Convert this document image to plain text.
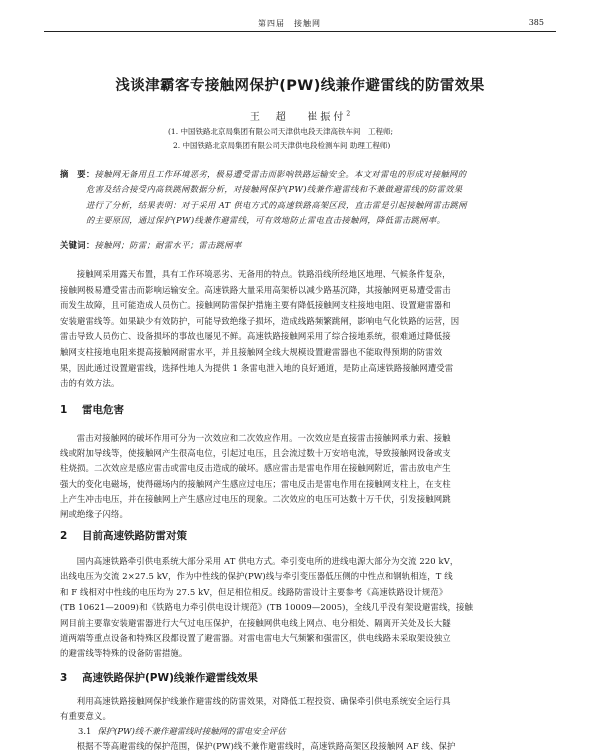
第四届　接触网	385
浅谈津霸客专接触网保护(PW)线兼作避雷线的防雷效果
王　超 崔振付$^2$
(1. 中国铁路北京局集团有限公司天津供电段天津高铁车间　工程师;
2. 中国铁路北京局集团有限公司天津供电段检测车间 助理工程师)
摘　要：接触网无备用且工作环境恶劣，极易遭受雷击而影响铁路运输安全。本文对雷电的形成对接触网的
危害及结合接受内高铁跳闸数据分析，对接触网保护(PW)线兼作避雷线和不兼做避雷线的防雷效果
进行了分析，结果表明：对于采用 AT 供电方式的高速铁路高架区段，直击雷是引起接触网雷击跳闸
的主要原因，通过保护(PW)线兼作避雷线，可有效地防止雷电直击接触网，降低雷击跳闸率。
关键词：接触网；防雷；耐雷水平；雷击跳闸率

接触网采用露天布置，具有工作环境恶劣、无备用的特点。铁路沿线所经地区地理、气候条件复杂，
接触网极易遭受雷击而影响运输安全。高速铁路大量采用高架桥以减少路基沉降，其接触网更易遭受雷击
而发生故障，且可能造成人员伤亡。接触网防雷保护措施主要有降低接触网支柱接地电阻、设置避雷器和
安装避雷线等。如果缺少有效防护，可能导致绝缘子损坏，造成线路频繁跳闸，影响电气化铁路的运营，因
雷击导致人员伤亡、设备损坏的事故也屡见不鲜。高速铁路接触网采用了综合接地系统，很难通过降低接
触网支柱接地电阻来提高接触网耐雷水平，并且接触网全线大规模设置避雷器也不能取得预期的防雷效
果，因此通过设置避雷线，选择性地人为提供 1 条雷电泄入地的良好通道，是防止高速铁路接触网遭受雷
击的有效方法。

1 雷电危害

雷击对接触网的破坏作用可分为一次效应和二次效应作用。一次效应是直接雷击接触网承力索、接触
线或附加导线等，使接触网产生很高电位，引起过电压，且会流过数十万安培电流，导致接触网设备或支
柱烧损。二次效应是感应雷击或雷电反击造成的破坏。感应雷击是雷电作用在接触网附近，雷击放电产生
强大的变化电磁场，使得磁场内的接触网产生感应过电压；雷电反击是雷电作用在接触网支柱上，在支柱
上产生冲击电压，并在接触网上产生感应过电压的现象。二次效应的电压可达数十万千伏，引发接触网跳
闸或绝缘子闪络。

2 目前高速铁路防雷对策

国内高速铁路牵引供电系统大部分采用 AT 供电方式。牵引变电所的进线电源大部分为交流 220 kV，
出线电压为交流 2×27.5 kV，作为中性线的保护(PW)线与牵引变压器低压侧的中性点和钢轨相连，T 线
和 F 线相对中性线的电压均为 27.5 kV，但足相位相反。线路防雷设计主要参考《高速铁路设计规范》
(TB 10621—2009)和《铁路电力牵引供电设计规范》(TB 10009—2005)，全线几乎没有架设避雷线，接触
网目前主要靠安装避雷器进行大气过电压保护，在接触网供电线上网点、电分相处、隔离开关处及长大隧
道两端等重点设备和特殊区段都设置了避雷器。对雷电雷电大气频繁和强雷区，供电线路未采取架设独立
的避雷线等特殊的设备防雷措施。

3 高速铁路保护(PW)线兼作避雷线效果

利用高速铁路接触网保护线兼作避雷线的防雷效果，对降低工程投资、确保牵引供电系统安全运行具
有重要意义。

3.1 保护(PW)线不兼作避雷线时接触网的雷电安全评估

根据不等高避雷线的保护范围，保护(PW)线不兼作避雷线时，高速铁路高架区段接触网 AF 线、保护
